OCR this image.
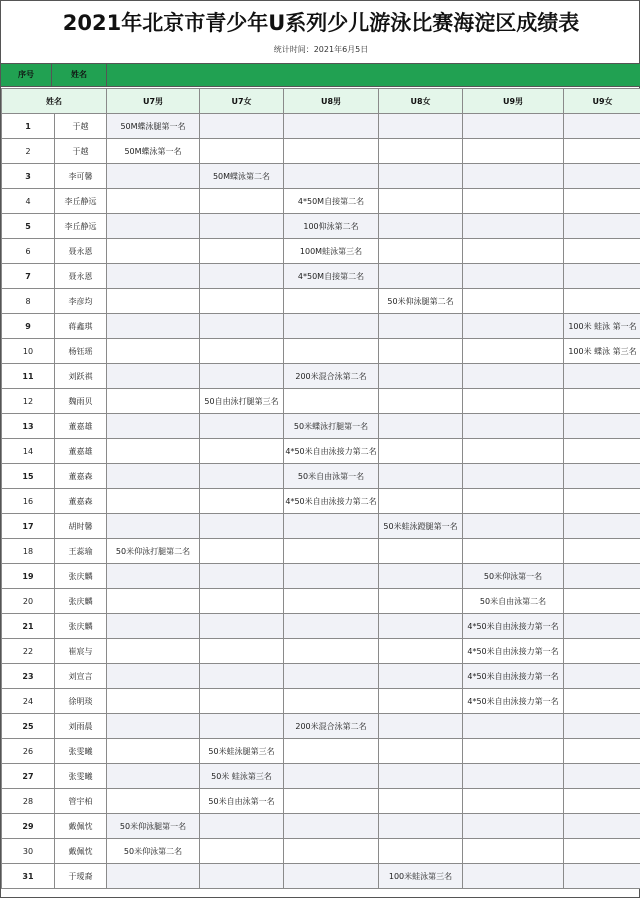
2021年北京市青少年U系列少儿游泳比赛海淀区成绩表
统计时间：2021年6月5日
序号	姓名
姓名		U7男	U7女	U8男	U8女	U9男	U9女
1	于越	50M蝶泳腿第一名					
2	于越	50M蝶泳第一名					
3	李可馨		50M蝶泳第二名				
4	李丘静远			4*50M自接第二名			
5	李丘静远			100仰泳第二名			
6	聂永恩			100M蛙泳第三名			
7	聂永恩			4*50M自接第二名			
8	李彦均				50米仰泳腿第二名		
9	蒋鑫琪						100米 蛙泳 第一名
10	杨钰瑶						100米 蝶泳 第三名
11	刘跃祺			200米混合泳第二名			
12	魏雨贝		50自由泳打腿第三名				
13	董嘉雄			50米蝶泳打腿第一名			
14	董嘉雄			4*50米自由泳接力第二名			
15	董嘉森			50米自由泳第一名			
16	董嘉森			4*50米自由泳接力第二名			
17	胡时馨				50米蛙泳蹬腿第一名		
18	王蕊瑜	50米仰泳打腿第二名					
19	张庆麟					50米仰泳第一名	
20	张庆麟					50米自由泳第二名	
21	张庆麟					4*50米自由泳接力第一名	
22	崔宸与					4*50米自由泳接力第一名	
23	刘宣言					4*50米自由泳接力第一名	
24	徐明琰					4*50米自由泳接力第一名	
25	刘雨晨			200米混合泳第二名			
26	张雯曦		50米蛙泳腿第三名				
27	张雯曦		50米 蛙泳第三名				
28	管宇柏		50米自由泳第一名				
29	戴佩忱	50米仰泳腿第一名					
30	戴佩忱	50米仰泳第二名					
31	于瑷裔				100米蛙泳第三名		
